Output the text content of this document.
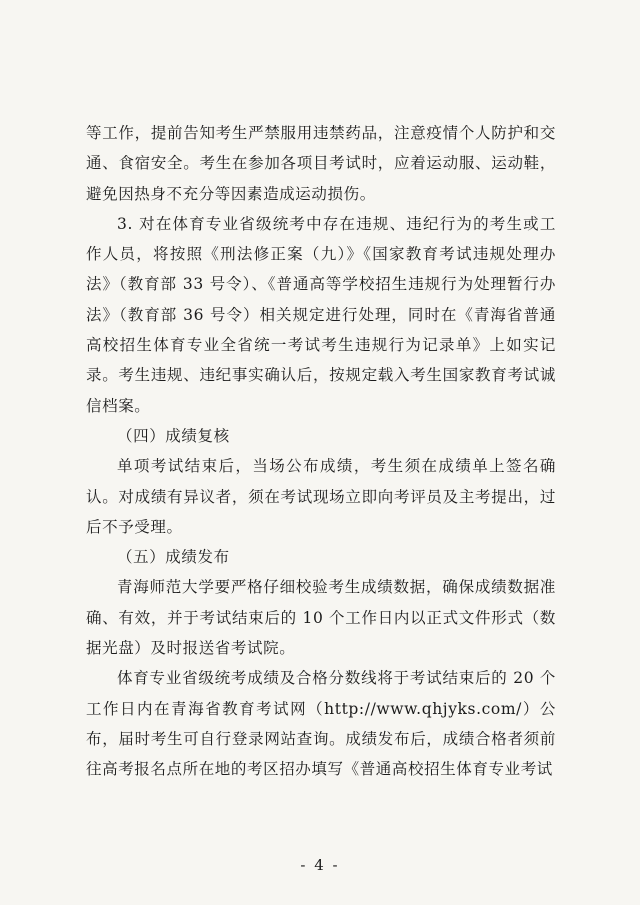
等工作，提前告知考生严禁服用违禁药品，注意疫情个人防护和交通、食宿安全。考生在参加各项目考试时，应着运动服、运动鞋，避免因热身不充分等因素造成运动损伤。

3. 对在体育专业省级统考中存在违规、违纪行为的考生或工作人员，将按照《刑法修正案（九）》《国家教育考试违规处理办法》（教育部 33 号令）、《普通高等学校招生违规行为处理暂行办法》（教育部 36 号令）相关规定进行处理，同时在《青海省普通高校招生体育专业全省统一考试考生违规行为记录单》上如实记录。考生违规、违纪事实确认后，按规定载入考生国家教育考试诚信档案。

（四）成绩复核

单项考试结束后，当场公布成绩，考生须在成绩单上签名确认。对成绩有异议者，须在考试现场立即向考评员及主考提出，过后不予受理。

（五）成绩发布

青海师范大学要严格仔细校验考生成绩数据，确保成绩数据准确、有效，并于考试结束后的 10 个工作日内以正式文件形式（数据光盘）及时报送省考试院。

体育专业省级统考成绩及合格分数线将于考试结束后的 20 个工作日内在青海省教育考试网（http://www.qhjyks.com/）公布，届时考生可自行登录网站查询。成绩发布后，成绩合格者须前往高考报名点所在地的考区招办填写《普通高校招生体育专业考试

- 4 -
